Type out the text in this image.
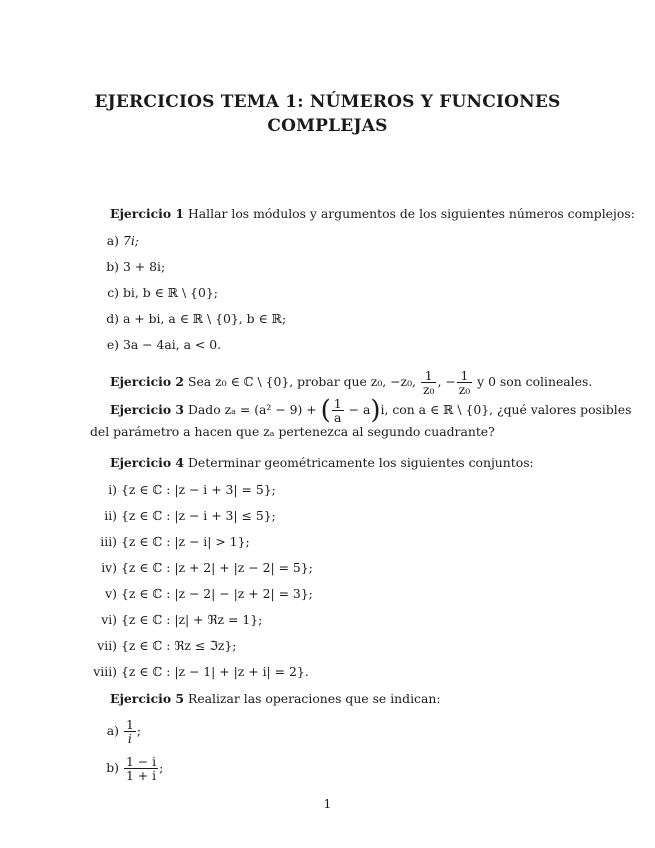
EJERCICIOS TEMA 1: NÚMEROS Y FUNCIONES
COMPLEJAS
Ejercicio 1 Hallar los módulos y argumentos de los siguientes números complejos:
a) 7i;
b) 3 + 8i;
c) bi, b ∈ ℝ \ {0};
d) a + bi, a ∈ ℝ \ {0}, b ∈ ℝ;
e) 3a − 4ai, a < 0.
Ejercicio 2 Sea z₀ ∈ ℂ \ {0}, probar que z₀, −z₀, $\frac{1}{\text{z₀}}$ , − $\frac{1}{\text{z₀}}$ y 0 son colineales.
Ejercicio 3 Dado zₐ = (a² − 9) + ( $\frac{1}{a} - a)i$, con a ∈ ℝ \ {0}, ¿qué valores posibles
del parámetro a hacen que zₐ pertenezca al segundo cuadrante?
Ejercicio 4 Determinar geométricamente los siguientes conjuntos:
i) {z ∈ ℂ : |z − i + 3| = 5};
ii) {z ∈ ℂ : |z − i + 3| ≤ 5};
iii) {z ∈ ℂ : |z − i| > 1};
iv) {z ∈ ℂ : |z + 2| + |z − 2| = 5};
v) {z ∈ ℂ : |z − 2| − |z + 2| = 3};
vi) {z ∈ ℂ : |z| + ℜz = 1};
vii) {z ∈ ℂ : ℜz ≤ ℑz};
viii) {z ∈ ℂ : |z − 1| + |z + i| = 2}.
Ejercicio 5 Realizar las operaciones que se indican:
$a) \frac{1}{i}$ ;
$b) \frac{1 - i}{1 + i}$ ;
1
